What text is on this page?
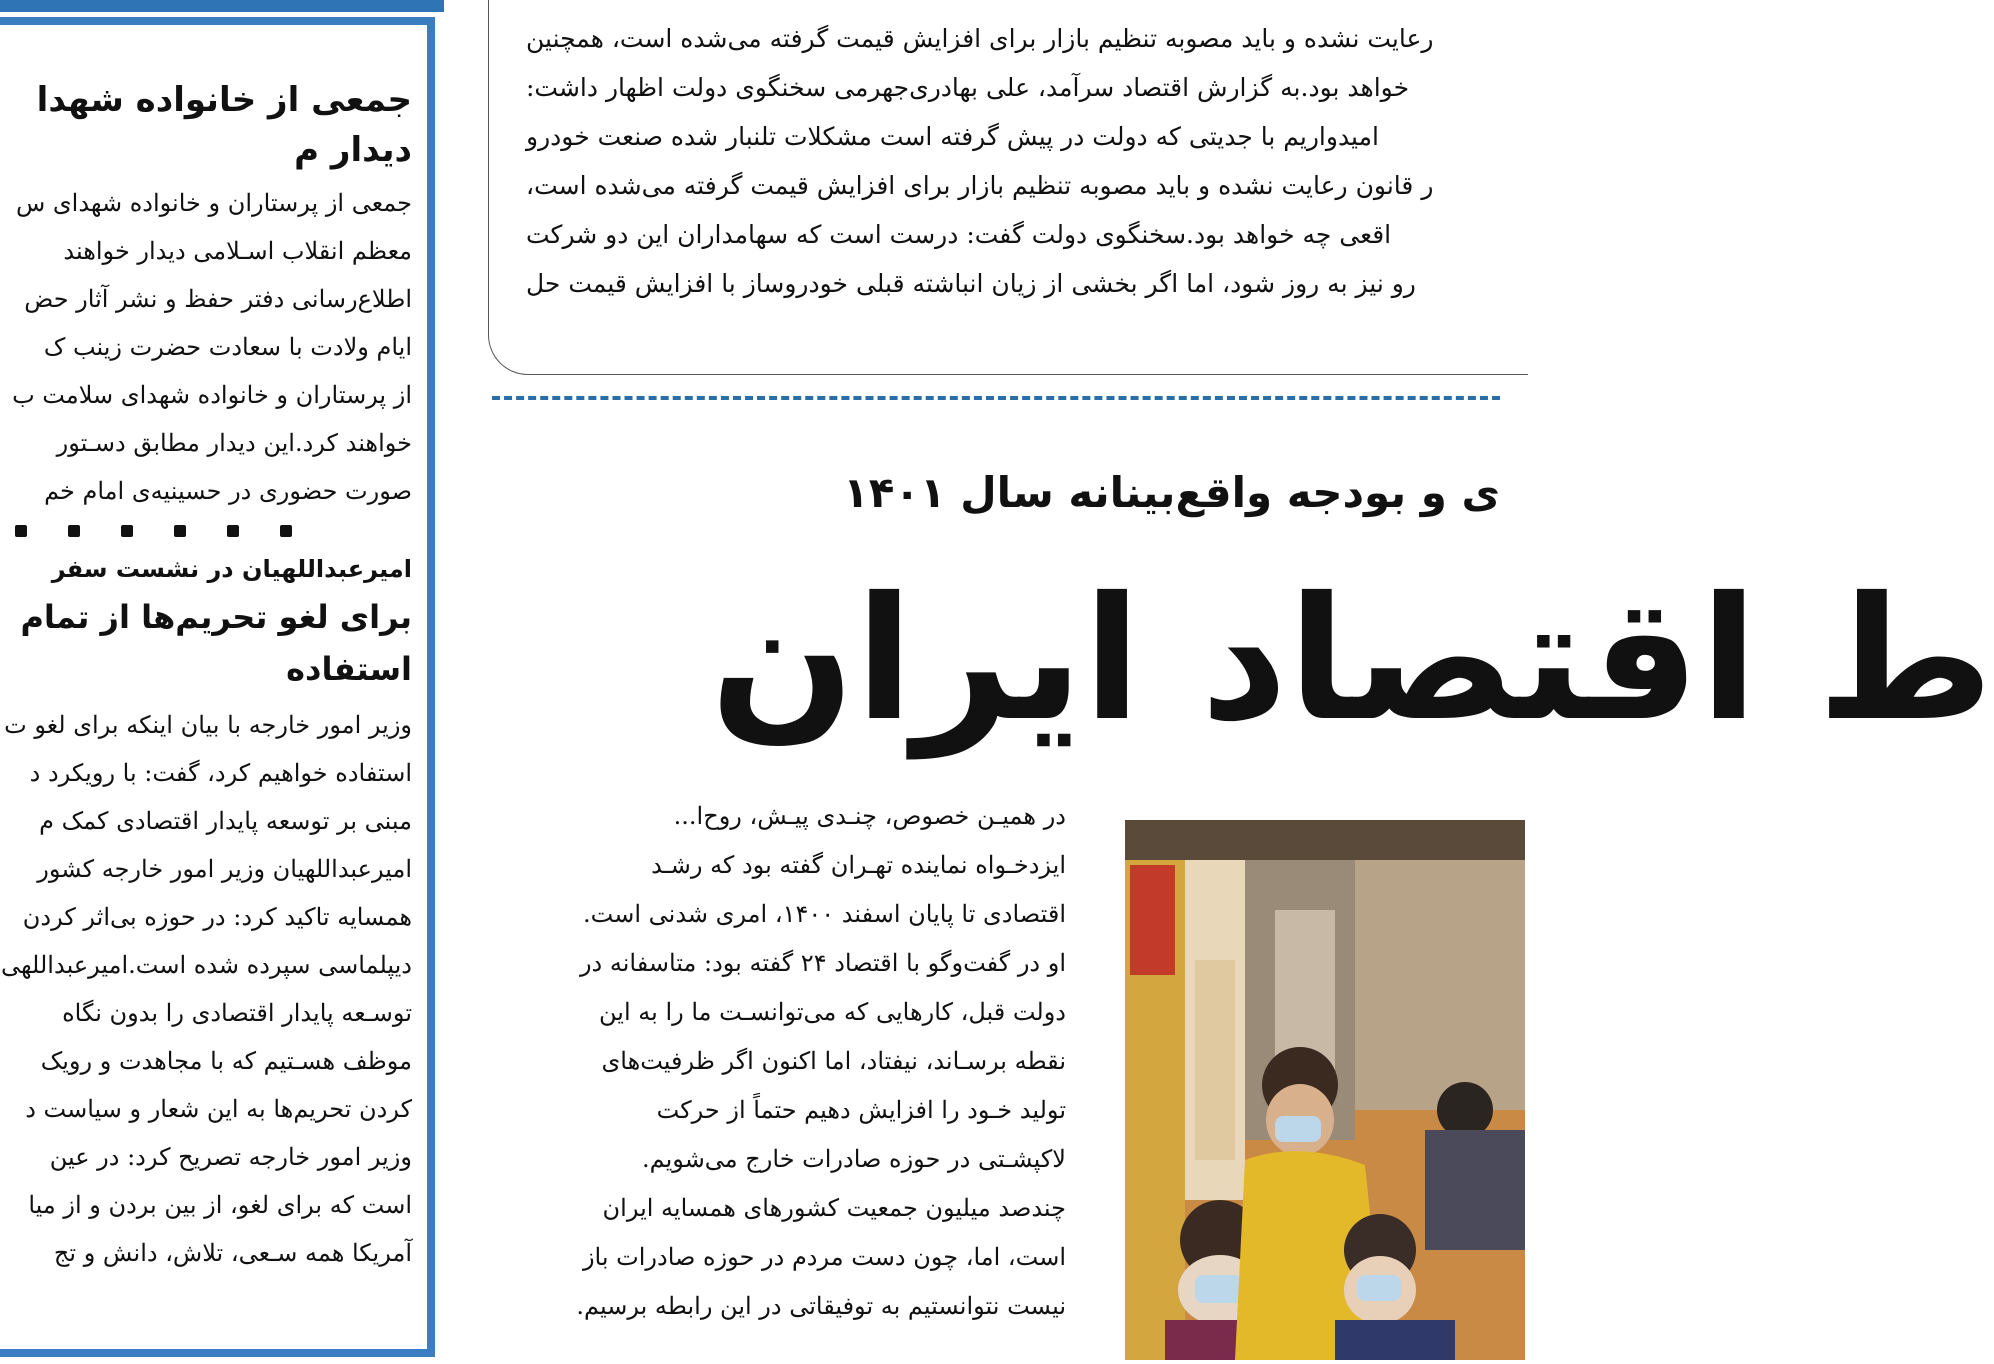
جمعی از خانواده شهدا
دیدار م
جمعی از پرستاران و خانواده شهدای س
معظم انقلاب اسـلامی دیدار خواهند
اطلاع‌رسانی دفتر حفظ و نشر آثار حض
ایام ولادت با سعادت حضرت زینب ک
از پرستاران و خانواده شهدای سلامت ب
خواهند کرد.این دیدار مطابق دسـتور
صورت حضوری در حسینیه‌ی امام خم
امیرعبداللهیان در نشست سفر
برای لغو تحریم‌ها از تمام
استفاده
وزیر امور خارجه با بیان اینکه برای لغو ت
استفاده خواهیم کرد، گفت: با رویکرد د
مبنی بر توسعه پایدار اقتصادی کمک م
امیرعبداللهیان وزیر امور خارجه کشور
همسایه تاکید کرد: در حوزه بی‌اثر کردن
دیپلماسی سپرده شده است.امیرعبداللهی
توسـعه پایدار اقتصادی را بدون نگاه
موظف هسـتیم که با مجاهدت و رویک
کردن تحریم‌ها به این شعار و سیاست د
وزیر امور خارجه تصریح کرد: در عین
است که برای لغو، از بین بردن و از میا
آمریکا همه سـعی، تلاش، دانش و تج
رعایت نشده و باید مصوبه تنظیم بازار برای افزایش قیمت گرفته می‌شده است، همچنین
خواهد بود.به گزارش اقتصاد سرآمد، علی بهادری‌جهرمی سخنگوی دولت اظهار داشت:
امیدواریم با جدیتی که دولت در پیش گرفته است مشکلات تلنبار شده صنعت خودرو
ر قانون رعایت نشده و باید مصوبه تنظیم بازار برای افزایش قیمت گرفته می‌شده است،
اقعی چه خواهد بود.سخنگوی دولت گفت: درست است که سهامداران این دو شرکت
رو نیز به روز شود، اما اگر بخشی از زیان انباشته قبلی خودروساز با افزایش قیمت حل
ی و بودجه واقع‌بینانه سال ۱۴۰۱
ط اقتصاد ایران
در همیـن خصوص، چنـدی پیـش، روح‌ا...
ایزدخـواه نماینده تهـران گفته بود که رشـد
اقتصادی تا پایان اسفند ۱۴۰۰، امری شدنی است.
او در گفت‌وگو با اقتصاد ۲۴ گفته بود: متاسفانه در
دولت قبل، کارهایی که می‌توانسـت ما را به این
نقطه برسـاند، نیفتاد، اما اکنون اگر ظرفیت‌های
تولید خـود را افزایش دهیم حتماً از حرکت
لاکپشـتی در حوزه صادرات خارج می‌شویم.
چندصد میلیون جمعیت کشورهای همسایه ایران
است، اما، چون دست مردم در حوزه صادرات باز
نیست نتوانستیم به توفیقاتی در این رابطه برسیم.
